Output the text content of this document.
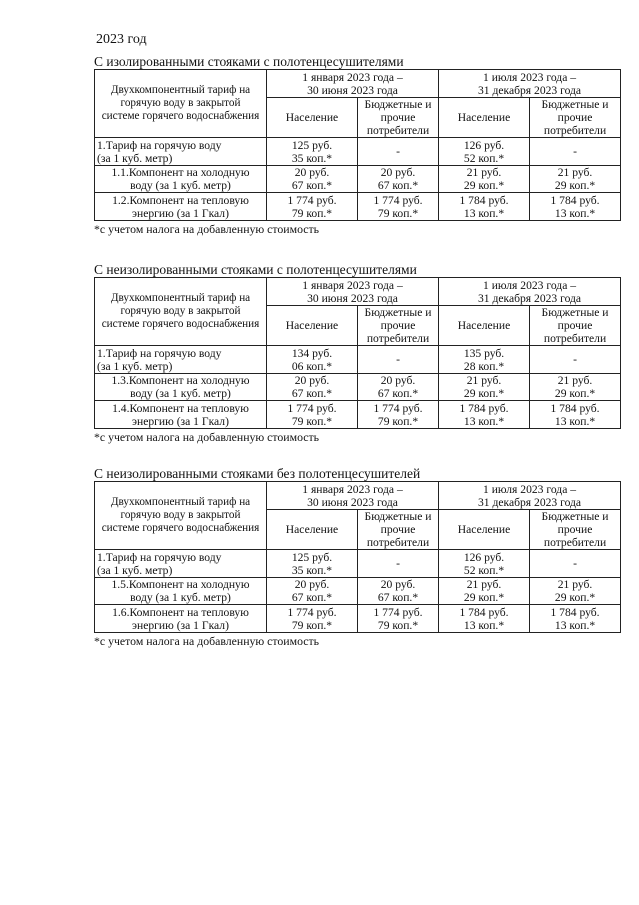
2023 год
С изолированными стояками с полотенцесушителями
Двухкомпонентный тариф на
горячую воду в закрытой
системе горячего водоснабжения	1 января 2023 года –
30 июня 2023 года		1 июля 2023 года –
31 декабря 2023 года	
	Население	Бюджетные и
прочие
потребители	Население	Бюджетные и
прочие
потребители
1.Тариф на горячую воду
(за 1 куб. метр)	125 руб.
35 коп.*	-	126 руб.
52 коп.*	-
1.1.Компонент на холодную
воду (за 1 куб. метр)	20 руб.
67 коп.*	20 руб.
67 коп.*	21 руб.
29 коп.*	21 руб.
29 коп.*
1.2.Компонент на тепловую
энергию (за 1 Гкал)	1 774 руб.
79 коп.*	1 774 руб.
79 коп.*	1 784 руб.
13 коп.*	1 784 руб.
13 коп.*
*с учетом налога на добавленную стоимость
С неизолированными стояками с полотенцесушителями
Двухкомпонентный тариф на
горячую воду в закрытой
системе горячего водоснабжения	1 января 2023 года –
30 июня 2023 года		1 июля 2023 года –
31 декабря 2023 года	
	Население	Бюджетные и
прочие
потребители	Население	Бюджетные и
прочие
потребители
1.Тариф на горячую воду
(за 1 куб. метр)	134 руб.
06 коп.*	-	135 руб.
28 коп.*	-
1.3.Компонент на холодную
воду (за 1 куб. метр)	20 руб.
67 коп.*	20 руб.
67 коп.*	21 руб.
29 коп.*	21 руб.
29 коп.*
1.4.Компонент на тепловую
энергию (за 1 Гкал)	1 774 руб.
79 коп.*	1 774 руб.
79 коп.*	1 784 руб.
13 коп.*	1 784 руб.
13 коп.*
*с учетом налога на добавленную стоимость
С неизолированными стояками без полотенцесушителей
Двухкомпонентный тариф на
горячую воду в закрытой
системе горячего водоснабжения	1 января 2023 года –
30 июня 2023 года		1 июля 2023 года –
31 декабря 2023 года	
	Население	Бюджетные и
прочие
потребители	Население	Бюджетные и
прочие
потребители
1.Тариф на горячую воду
(за 1 куб. метр)	125 руб.
35 коп.*	-	126 руб.
52 коп.*	-
1.5.Компонент на холодную
воду (за 1 куб. метр)	20 руб.
67 коп.*	20 руб.
67 коп.*	21 руб.
29 коп.*	21 руб.
29 коп.*
1.6.Компонент на тепловую
энергию (за 1 Гкал)	1 774 руб.
79 коп.*	1 774 руб.
79 коп.*	1 784 руб.
13 коп.*	1 784 руб.
13 коп.*
*с учетом налога на добавленную стоимость
